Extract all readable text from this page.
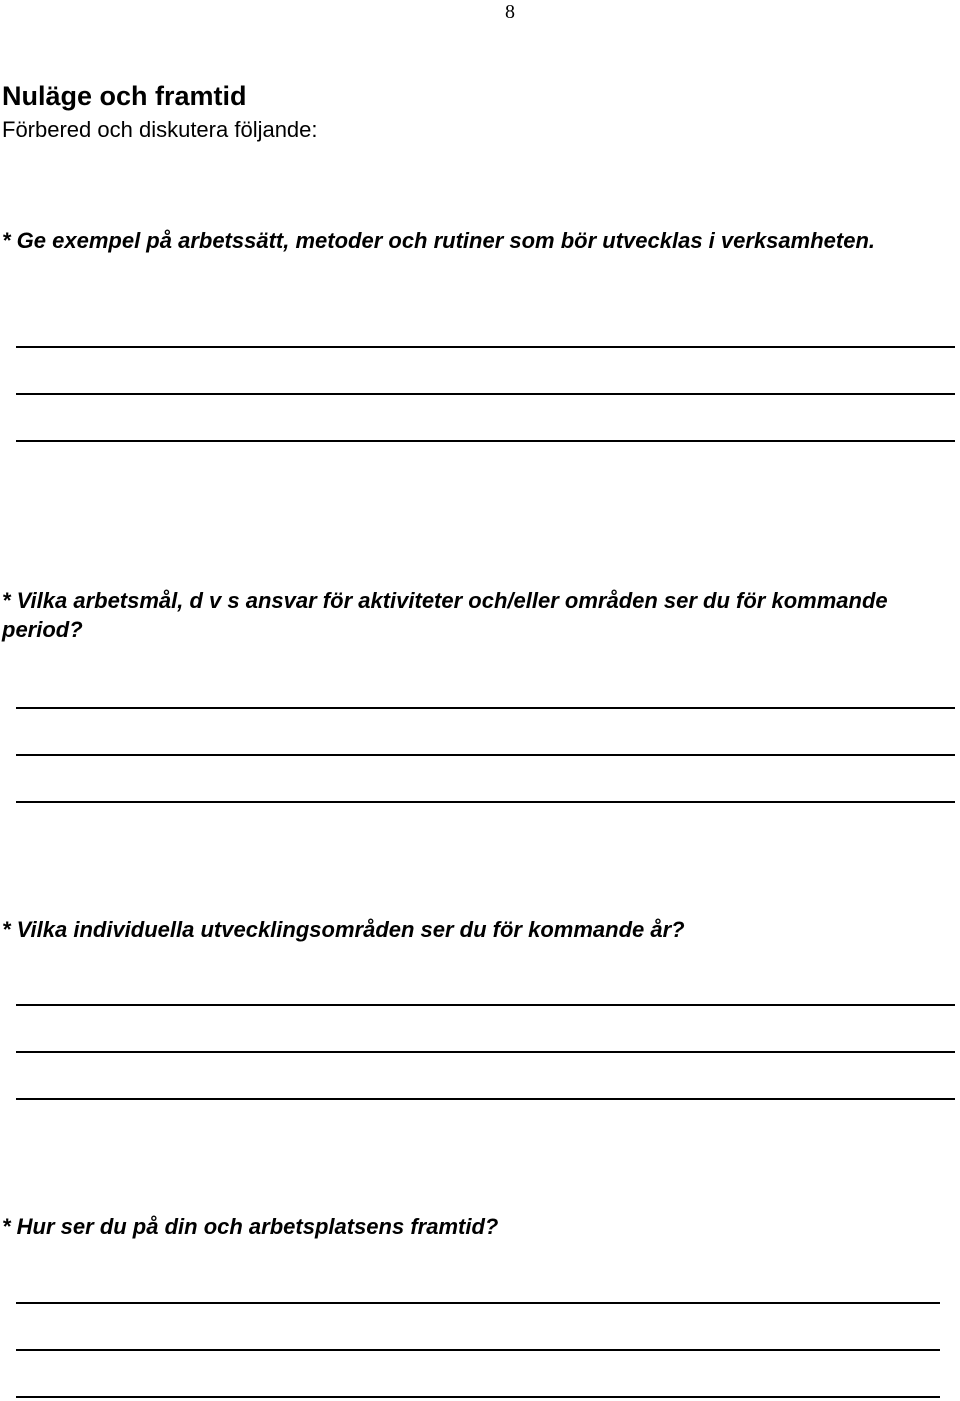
8
Nuläge och framtid
Förbered och diskutera följande:

* Ge exempel på arbetssätt, metoder och rutiner som bör utvecklas i verksamheten.

* Vilka arbetsmål, d v s ansvar för aktiviteter och/eller områden ser du för kommande period?

* Vilka individuella utvecklingsområden ser du för kommande år?

* Hur ser du på din och arbetsplatsens framtid?
